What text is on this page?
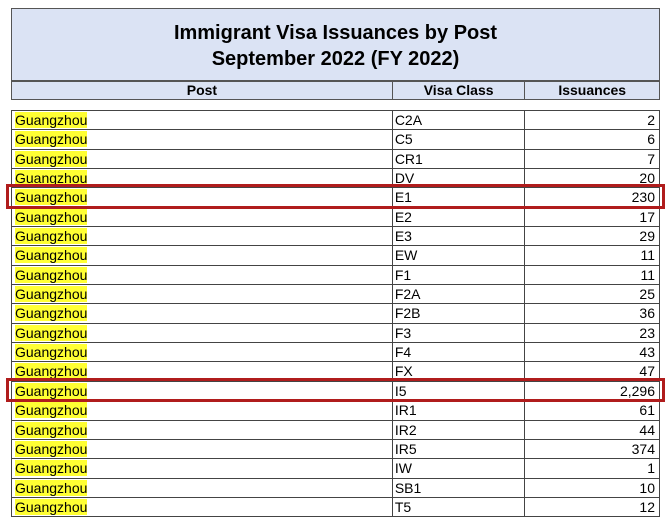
Immigrant Visa Issuances by Post
September 2022 (FY 2022)
Post	Visa Class	Issuances
Guangzhou	C2A	2
Guangzhou	C5	6
Guangzhou	CR1	7
Guangzhou	DV	20
Guangzhou	E1	230
Guangzhou	E2	17
Guangzhou	E3	29
Guangzhou	EW	11
Guangzhou	F1	11
Guangzhou	F2A	25
Guangzhou	F2B	36
Guangzhou	F3	23
Guangzhou	F4	43
Guangzhou	FX	47
Guangzhou	I5	2,296
Guangzhou	IR1	61
Guangzhou	IR2	44
Guangzhou	IR5	374
Guangzhou	IW	1
Guangzhou	SB1	10
Guangzhou	T5	12
